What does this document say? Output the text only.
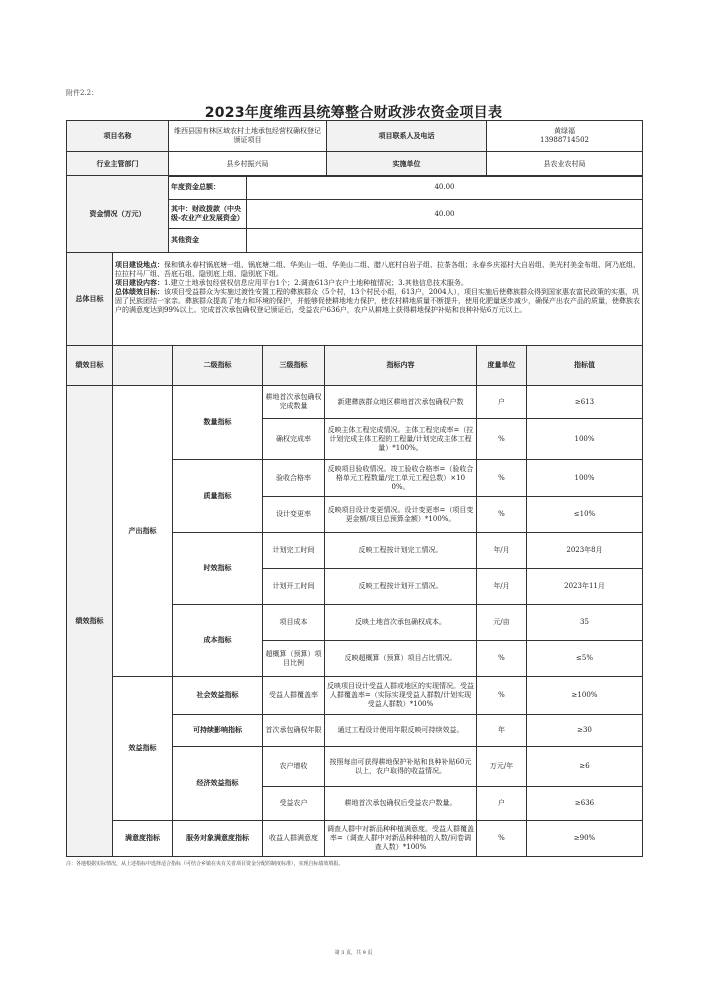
附件2.2：
2023年度维西县统筹整合财政涉农资金项目表
项目名称	维西县国有林区域农村土地承包经营权确权登记颁证项目	项目联系人及电话	黄绿福
13988714502
行业主管部门	县乡村振兴局	实施单位	县农业农村局
资金情况（万元）	年度资金总额：	40.00
	其中：财政拨款（中央级-农业产业发展资金）	40.00
	其他资金	
总体目标	项目建设地点：保和镇永春村锅底塘一组、锅底塘二组、华美山一组、华美山二组、腊八底村自岩子组、拉茶各组；永春乡庆福村大自岩组、美光村美金布组、阿乃底组、拉拉村马厂组、吾底石组、隐别底上组、隐别底下组。
项目建设内容：1.建立土地承包经营权信息应用平台1个；2.调查613户农户土地种植情况；3.其他信息技术服务。
总体绩效目标：该项目受益群众为实施过渡性安置工程的彝族群众（5个村，13个村民小组，613户，2004人），项目实施后使彝族群众得到国家惠农富民政策的实惠，巩固了民族团结一家亲。彝族群众提高了地力和环境的保护，并能够促使耕地地力保护，使农村耕地质量不断提升，使用化肥量逐步减少，确保产出农产品的质量，使彝族农户的满意度达到99%以上。完成首次承包确权登记颁证后，受益农户636户，农户从耕地上获得耕地保护补贴和良种补贴6万元以上。
绩效目标		二级指标	三级指标	指标内容	度量单位	指标值
绩效指标	产出指标	数量指标	耕地首次承包确权完成数量	新建彝族群众地区耕地首次承包确权户数	户	≥613
			确权完成率	反映主体工程完成情况。主体工程完成率=（拉计划完成主体工程的工程量/计划完成主体工程量）*100%。	%	100%
		质量指标	验收合格率	反映项目验收情况。竣工验收合格率=（验收合格单元工程数量/完工单元工程总数）×100%。	%	100%
			设计变更率	反映项目设计变更情况。设计变更率=（项目变更金额/项目总预算金额）*100%。	%	≤10%
		时效指标	计划完工时间	反映工程按计划完工情况。	年/月	2023年8月
			计划开工时间	反映工程按计划开工情况。	年/月	2023年11月
		成本指标	项目成本	反映土地首次承包确权成本。	元/亩	35
			超概算（预算）项目比例	反映超概算（预算）项目占比情况。	%	≤5%
	效益指标	社会效益指标	受益人群覆盖率	反映项目设计受益人群或地区的实现情况。受益人群覆盖率=（实际实现受益人群数/计划实现受益人群数）*100%	%	≥100%
		可持续影响指标	首次承包确权年限	通过工程设计使用年限反映可持续效益。	年	≥30
		经济效益指标	农户增收	按照每亩可获得耕地保护补贴和良种补贴60元以上，农户取得的收益情况。	万元/年	≥6
			受益农户	耕地首次承包确权后受益农户数量。	户	≥636
	满意度指标	服务对象满意度指标	收益人群满意度	调查人群中对新品种种植满意度。受益人群覆盖率=（调查人群中对新品种种植的人数/问卷调查人数）*100%	%	≥90%
注：各地根据实际情况，从上述指标中选择适合指标（可结合乡镇在央有关省项目资金分配的制度标准），实现自标绩效填报。
第 3 页，共 9 页
